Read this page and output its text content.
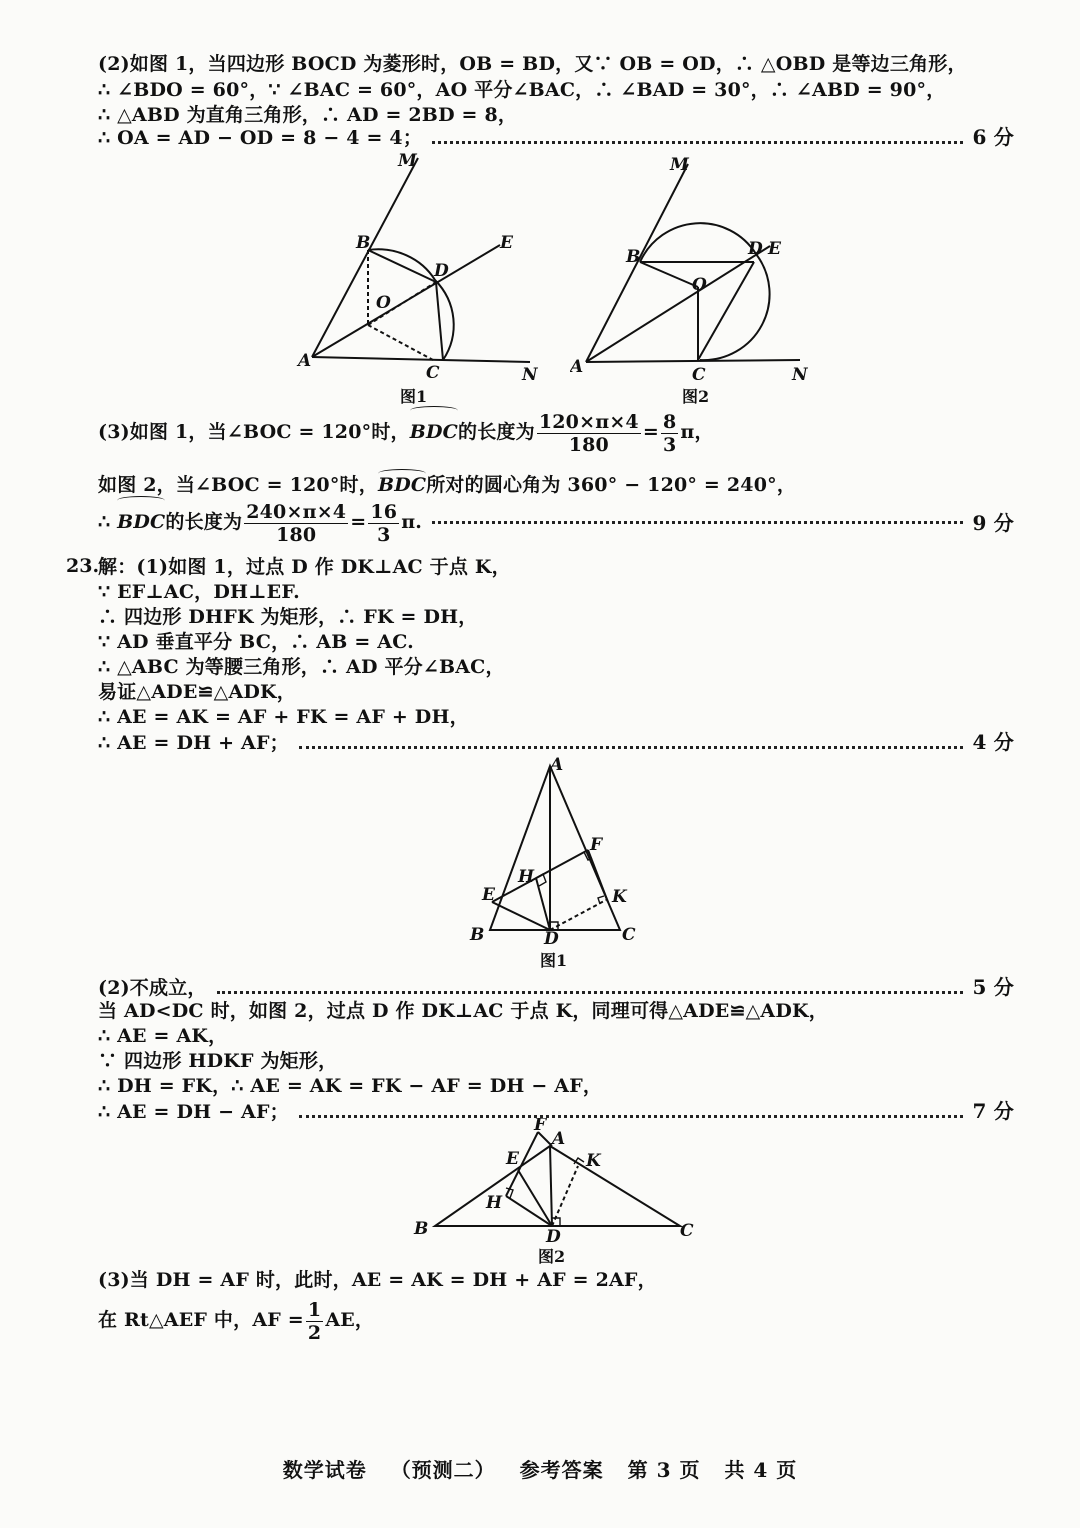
(2)如图 1，当四边形 BOCD 为菱形时，OB = BD，又∵ OB = OD，∴ △OBD 是等边三角形，
∴ ∠BDO = 60°，∵ ∠BAC = 60°，AO 平分∠BAC，∴ ∠BAD = 30°，∴ ∠ABD = 90°，
∴ △ABD 为直角三角形，∴ AD = 2BD = 8，
∴ OA = AD − OD = 8 − 4 = 4；	6 分
M
E
B
D
O
A
C	N
图1
M
D E
B
O
A	C	N
图2
(3)如图 1，当∠BOC = 120°时，BDC的长度为 $\frac{120\times\pi\times 4}{180} = \frac{8}{3}$ π，
如图 2，当∠BOC = 120°时，BDC所对的圆心角为 360° − 120° = 240°，
∴ BDC的长度为 $\frac{240\times\pi\times 4}{180} = \frac{16}{3} \pi$.	9 分
23.
解：(1)如图 1，过点 D 作 DK⊥AC 于点 K，
∵ EF⊥AC，DH⊥EF.
∴ 四边形 DHFK 为矩形，∴ FK = DH，
∵ AD 垂直平分 BC，∴ AB = AC.
∴ △ABC 为等腰三角形，∴ AD 平分∠BAC，
易证△ADE≌△ADK，
∴ AE = AK = AF + FK = AF + DH，
∴ AE = DH + AF；	4 分
A
F
H
E	K
B	D	C
图1
(2)不成立，	5 分
当 AD<DC 时，如图 2，过点 D 作 DK⊥AC 于点 K，同理可得△ADE≌△ADK，
∴ AE = AK，
∵ 四边形 HDKF 为矩形，
∴ DH = FK，∴ AE = AK = FK − AF = DH − AF，
∴ AE = DH − AF；	7 分
F
A
E	K
H
B	D	C
图2
(3)当 DH = AF 时，此时，AE = AK = DH + AF = 2AF，
在 Rt△AEF 中，AF = $\frac{1}{2}$ AE，
数学试卷 （预测二） 参考答案 第 3 页 共 4 页
